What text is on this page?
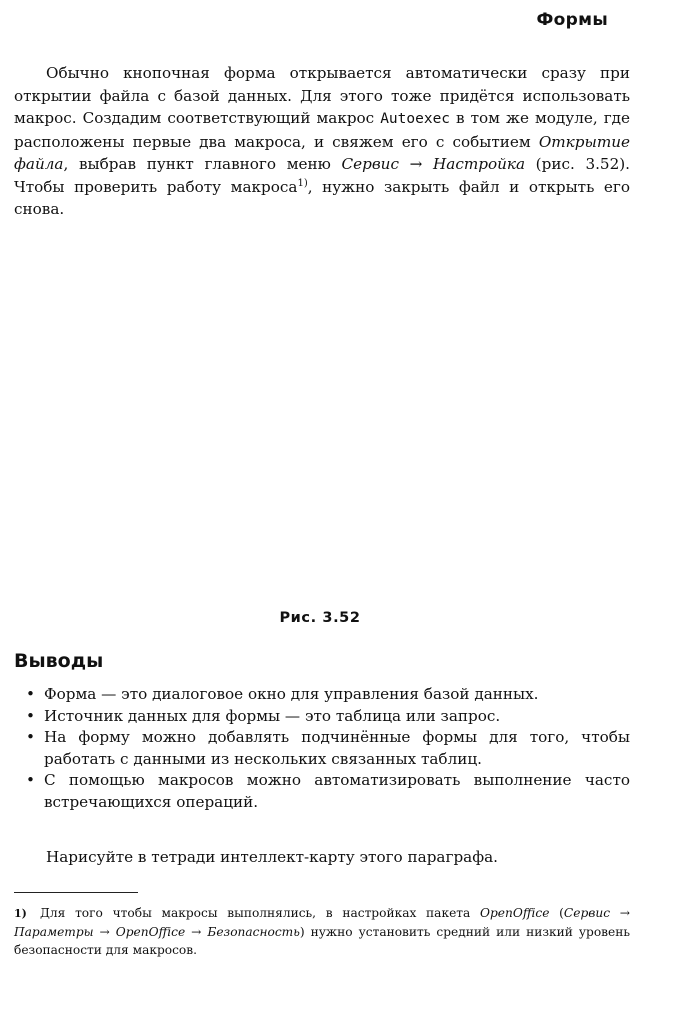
Формы

Обычно кнопочная форма открывается автоматически сразу при открытии файла с базой данных. Для этого тоже придётся использовать макрос. Создадим соответствующий макрос Autoexec в том же модуле, где расположены первые два макроса, и свяжем его с событием Открытие файла, выбрав пункт главного меню Сервис → Настройка (рис. 3.52). Чтобы проверить работу макроса$^{1)}$, нужно закрыть файл и открыть его снова.

Рис. 3.52
Выводы
• Форма — это диалоговое окно для управления базой данных.
• Источник данных для формы — это таблица или запрос.
• На форму можно добавлять подчинённые формы для того, чтобы работать с данными из нескольких связанных таблиц.
• С помощью макросов можно автоматизировать выполнение часто встречающихся операций.

Нарисуйте в тетради интеллект-карту этого параграфа.

1) Для того чтобы макросы выполнялись, в настройках пакета OpenOffice (Сервис → Параметры → OpenOffice → Безопасность) нужно установить средний или низкий уровень безопасности для макросов.
